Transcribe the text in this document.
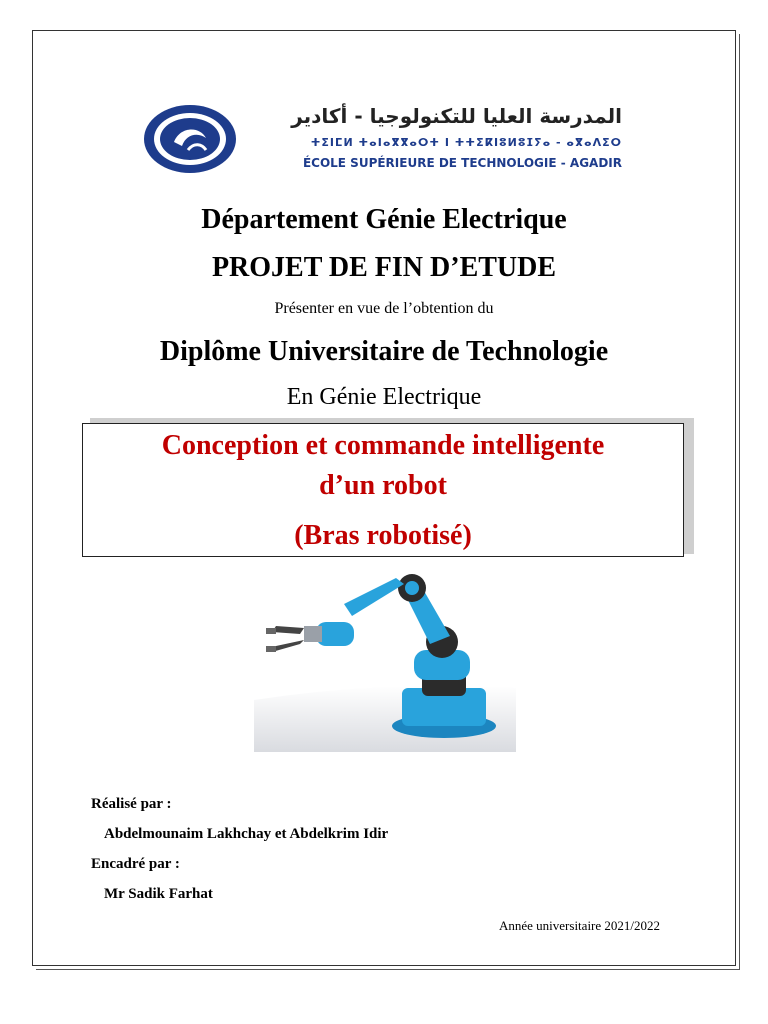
المدرسة العليا للتكنولوجيا - أكادير
ⵜⵉⵏⵎⵍ ⵜⴰⵏⴰⴳⴳⴰⵔⵜ ⵏ ⵜⵜⵉⴽⵏⵓⵍⵓⵊⵢⴰ - ⴰⴳⴰⴷⵉⵔ
ÉCOLE SUPÉRIEURE DE TECHNOLOGIE - AGADIR
Département Génie Electrique
PROJET DE FIN D’ETUDE
Présenter en vue de l’obtention du
Diplôme Universitaire de Technologie
En Génie Electrique
Conception et commande intelligente
d’un robot
(Bras robotisé)
Réalisé par :
Abdelmounaim Lakhchay et Abdelkrim Idir
Encadré par :
Mr Sadik Farhat
Année universitaire 2021/2022
